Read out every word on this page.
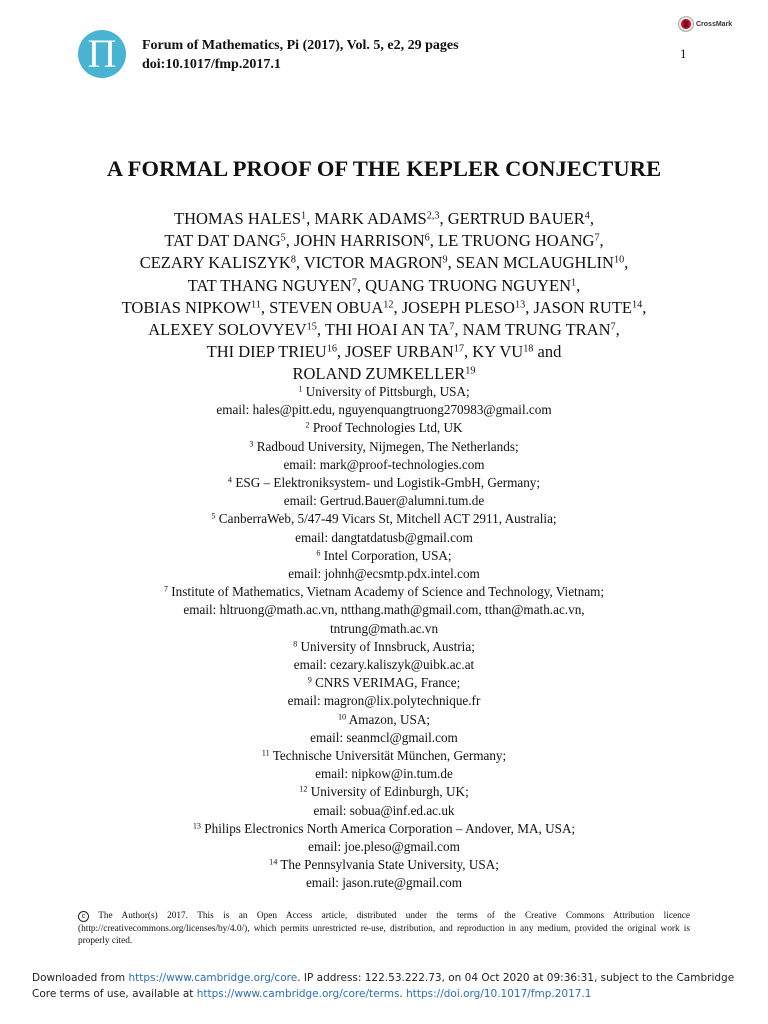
Π	Forum of Mathematics, Pi (2017), Vol. 5, e2, 29 pages
doi:10.1017/fmp.2017.1
CrossMark
1
A FORMAL PROOF OF THE KEPLER CONJECTURE
THOMAS HALES$^1$, MARK ADAMS$^{2,3}$, GERTRUD BAUER$^4$,
TAT DAT DANG$^5$, JOHN HARRISON$^6$, LE TRUONG HOANG$^7$,
CEZARY KALISZYK$^8$, VICTOR MAGRON$^9$, SEAN MCLAUGHLIN$^{10}$,
TAT THANG NGUYEN$^7$, QUANG TRUONG NGUYEN$^1$,
TOBIAS NIPKOW$^{11}$, STEVEN OBUA$^{12}$, JOSEPH PLESO$^{13}$, JASON RUTE$^{14}$,
ALEXEY SOLOVYEV$^{15}$, THI HOAI AN $TA^7$, NAM TRUNG TRAN$^7$,
THI DIEP TRIEU$^{16}$, JOSEF URBAN$^{17}$, KY VU$^{18}$ and
ROLAND ZUMKELLER$^{19}$
$^1$ University of Pittsburgh, USA;
email: hales@pitt.edu, nguyenquangtruong270983@gmail.com
$^2$ Proof Technologies Ltd, UK
$^3$ Radboud University, Nijmegen, The Netherlands;
email: mark@proof-technologies.com
$^4$ ESG – Elektroniksystem- und Logistik-GmbH, Germany;
email: Gertrud.Bauer@alumni.tum.de
$^5$ CanberraWeb, 5/47-49 Vicars St, Mitchell ACT 2911, Australia;
email: dangtatdatusb@gmail.com
$^6$ Intel Corporation, USA;
email: johnh@ecsmtp.pdx.intel.com
$^7$ Institute of Mathematics, Vietnam Academy of Science and Technology, Vietnam;
email: hltruong@math.ac.vn, ntthang.math@gmail.com, tthan@math.ac.vn,
tntrung@math.ac.vn
$^8$ University of Innsbruck, Austria;
email: cezary.kaliszyk@uibk.ac.at
$^9$ CNRS VERIMAG, France;
email: magron@lix.polytechnique.fr
$^{10}$ Amazon, USA;
email: seanmcl@gmail.com
$^{11}$ Technische Universität München, Germany;
email: nipkow@in.tum.de
$^{12}$ University of Edinburgh, UK;
email: sobua@inf.ed.ac.uk
$^{13}$ Philips Electronics North America Corporation – Andover, MA, USA;
email: joe.pleso@gmail.com
$^{14}$ The Pennsylvania State University, USA;
email: jason.rute@gmail.com
c The Author(s) 2017. This is an Open Access article, distributed under the terms of the Creative Commons Attribution licence (http://creativecommons.org/licenses/by/4.0/), which permits unrestricted re-use, distribution, and reproduction in any medium, provided the original work is properly cited.
Downloaded from https://www.cambridge.org/core. IP address: 122.53.222.73, on 04 Oct 2020 at 09:36:31, subject to the Cambridge Core terms of use, available at https://www.cambridge.org/core/terms. https://doi.org/10.1017/fmp.2017.1
